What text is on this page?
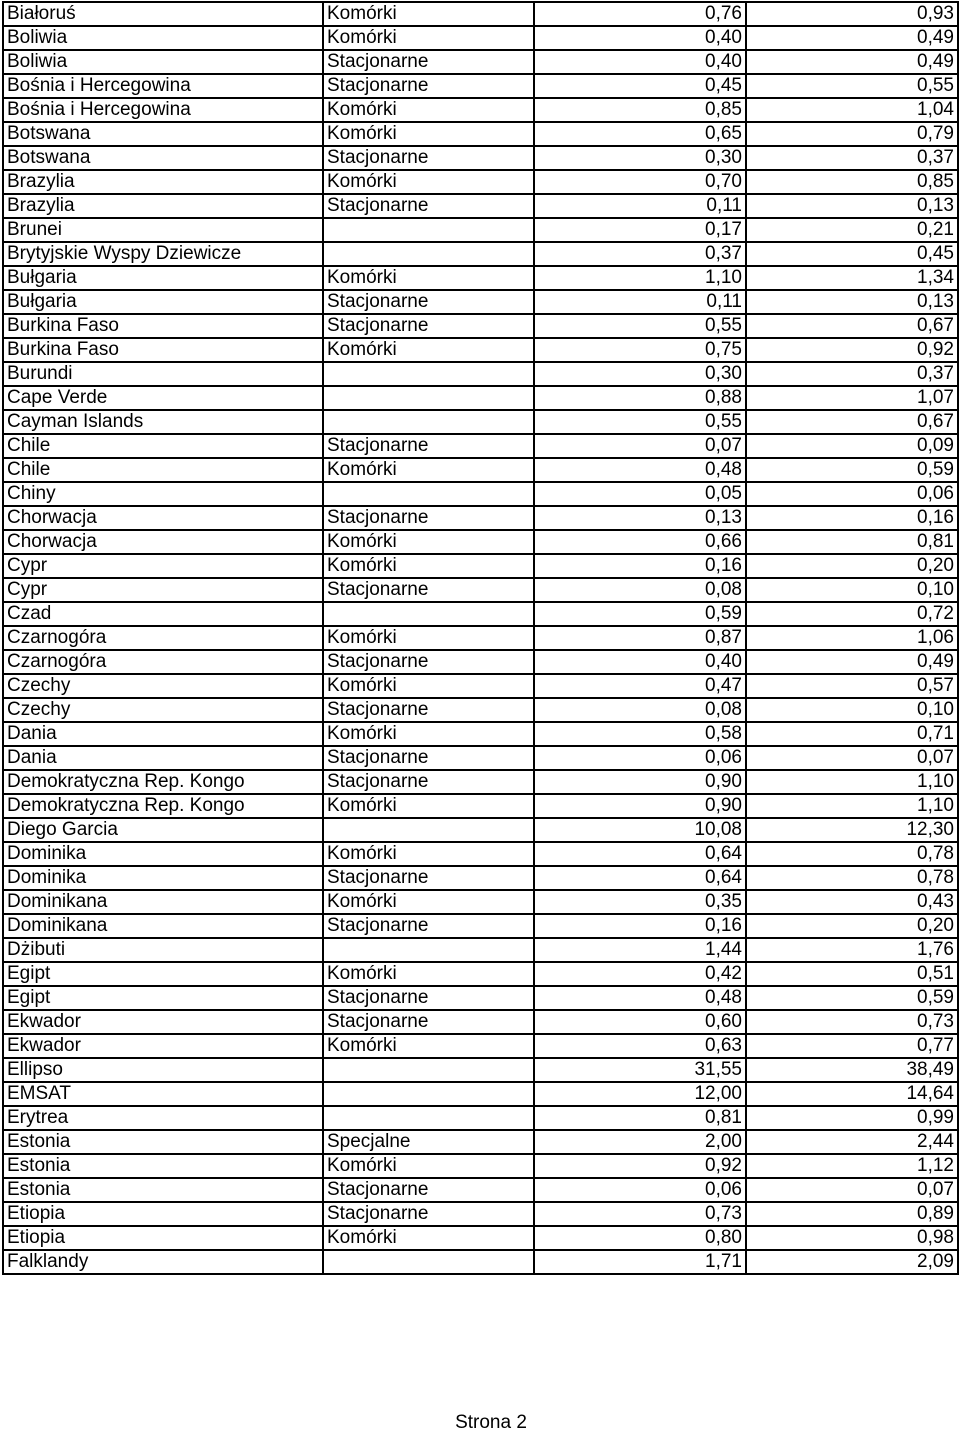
Białoruś	Komórki	0,76	0,93
Boliwia	Komórki	0,40	0,49
Boliwia	Stacjonarne	0,40	0,49
Bośnia i Hercegowina	Stacjonarne	0,45	0,55
Bośnia i Hercegowina	Komórki	0,85	1,04
Botswana	Komórki	0,65	0,79
Botswana	Stacjonarne	0,30	0,37
Brazylia	Komórki	0,70	0,85
Brazylia	Stacjonarne	0,11	0,13
Brunei		0,17	0,21
Brytyjskie Wyspy Dziewicze		0,37	0,45
Bułgaria	Komórki	1,10	1,34
Bułgaria	Stacjonarne	0,11	0,13
Burkina Faso	Stacjonarne	0,55	0,67
Burkina Faso	Komórki	0,75	0,92
Burundi		0,30	0,37
Cape Verde		0,88	1,07
Cayman Islands		0,55	0,67
Chile	Stacjonarne	0,07	0,09
Chile	Komórki	0,48	0,59
Chiny		0,05	0,06
Chorwacja	Stacjonarne	0,13	0,16
Chorwacja	Komórki	0,66	0,81
Cypr	Komórki	0,16	0,20
Cypr	Stacjonarne	0,08	0,10
Czad		0,59	0,72
Czarnogóra	Komórki	0,87	1,06
Czarnogóra	Stacjonarne	0,40	0,49
Czechy	Komórki	0,47	0,57
Czechy	Stacjonarne	0,08	0,10
Dania	Komórki	0,58	0,71
Dania	Stacjonarne	0,06	0,07
Demokratyczna Rep. Kongo	Stacjonarne	0,90	1,10
Demokratyczna Rep. Kongo	Komórki	0,90	1,10
Diego Garcia		10,08	12,30
Dominika	Komórki	0,64	0,78
Dominika	Stacjonarne	0,64	0,78
Dominikana	Komórki	0,35	0,43
Dominikana	Stacjonarne	0,16	0,20
Dżibuti		1,44	1,76
Egipt	Komórki	0,42	0,51
Egipt	Stacjonarne	0,48	0,59
Ekwador	Stacjonarne	0,60	0,73
Ekwador	Komórki	0,63	0,77
Ellipso		31,55	38,49
EMSAT		12,00	14,64
Erytrea		0,81	0,99
Estonia	Specjalne	2,00	2,44
Estonia	Komórki	0,92	1,12
Estonia	Stacjonarne	0,06	0,07
Etiopia	Stacjonarne	0,73	0,89
Etiopia	Komórki	0,80	0,98
Falklandy		1,71	2,09
Strona 2
